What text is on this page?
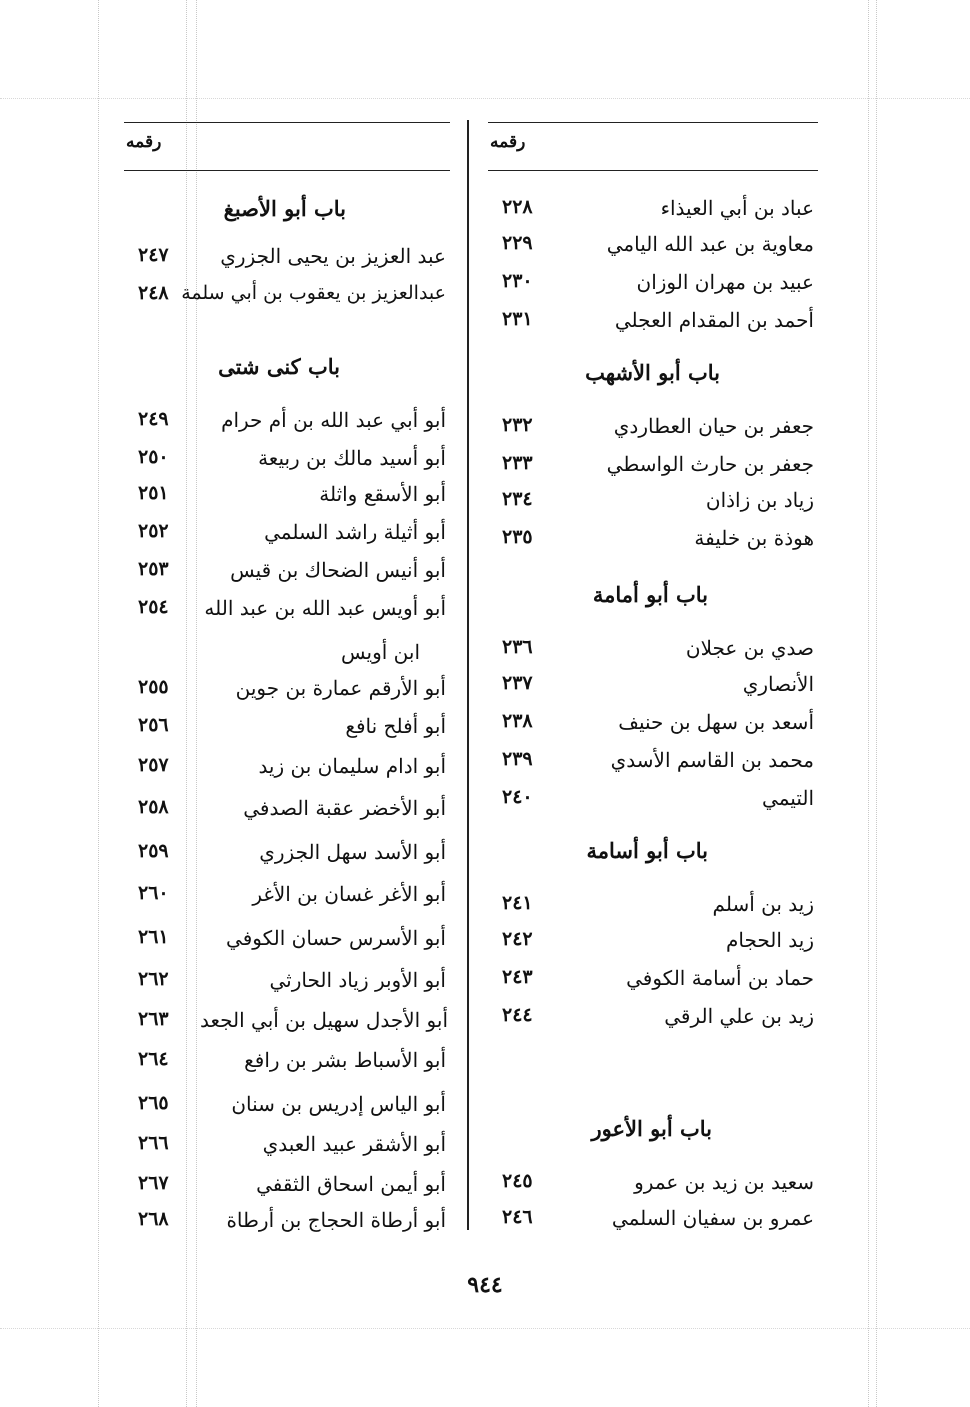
رقمه
عباد بن أبي العيذاء
٢٢٨
معاوية بن عبد الله اليامي
٢٢٩
عبيد بن مهران الوزان
٢٣٠
أحمد بن المقدام العجلي
٢٣١
باب أبو الأشهب
جعفر بن حيان العطاردي
٢٣٢
جعفر بن حارث الواسطي
٢٣٣
زياد بن زاذان
٢٣٤
هوذة بن خليفة
٢٣٥
باب أبو أمامة
صدي بن عجلان
٢٣٦
الأنصاري
٢٣٧
أسعد بن سهل بن حنيف
٢٣٨
محمد بن القاسم الأسدي
٢٣٩
التيمي
٢٤٠
باب أبو أسامة
زيد بن أسلم
٢٤١
زيد الحجام
٢٤٢
حماد بن أسامة الكوفي
٢٤٣
زيد بن علي الرقي
٢٤٤
باب أبو الأعور
سعيد بن زيد بن عمرو
٢٤٥
عمرو بن سفيان السلمي
٢٤٦
رقمه
باب أبو الأصبغ
عبد العزيز بن يحيى الجزري
٢٤٧
عبدالعزيز بن يعقوب بن أبي سلمة
٢٤٨
باب كنى شتى
أبو أبي عبد الله بن أم حرام
٢٤٩
أبو أسيد مالك بن ربيعة
٢٥٠
أبو الأسقع واثلة
٢٥١
أبو أثيلة راشد السلمي
٢٥٢
أبو أنيس الضحاك بن قيس
٢٥٣
أبو أويس عبد الله بن عبد الله
٢٥٤
ابن أويس
أبو الأرقم عمارة بن جوين
٢٥٥
أبو أفلح نافع
٢٥٦
أبو ادام سليمان بن زيد
٢٥٧
أبو الأخضر عقبة الصدفي
٢٥٨
أبو الأسد سهل الجزري
٢٥٩
أبو الأغر غسان بن الأغر
٢٦٠
أبو الأسرس حسان الكوفي
٢٦١
أبو الأوبر زياد الحارثي
٢٦٢
أبو الأجدل سهيل بن أبي الجعد
٢٦٣
أبو الأسباط بشر بن رافع
٢٦٤
أبو الياس إدريس بن سنان
٢٦٥
أبو الأشقر عبيد العبدي
٢٦٦
أبو أيمن اسحاق الثقفي
٢٦٧
أبو أرطاة الحجاج بن أرطاة
٢٦٨
٩٤٤
